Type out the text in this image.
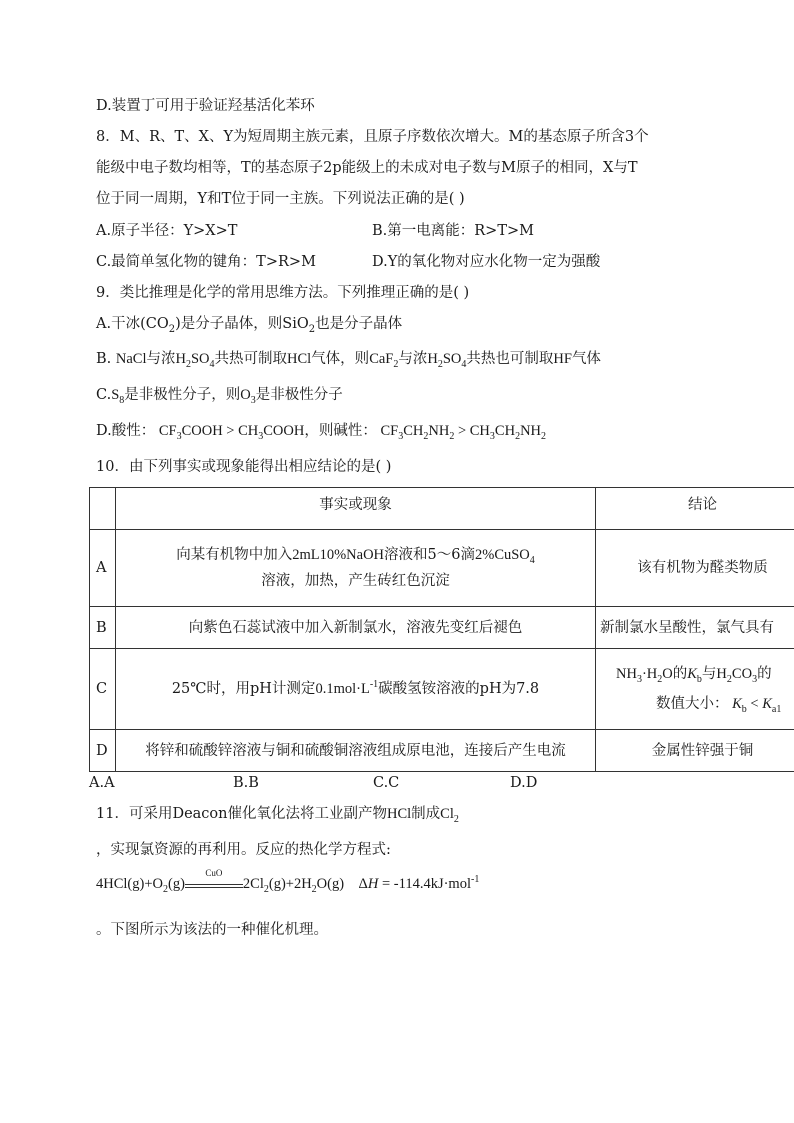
D.装置丁可用于验证羟基活化苯环
8．M、R、T、X、Y为短周期主族元素，且原子序数依次增大。M的基态原子所含3个
能级中电子数均相等，T的基态原子2p能级上的未成对电子数与M原子的相同，X与T
位于同一周期，Y和T位于同一主族。下列说法正确的是( )
A.原子半径：Y>X>T	B.第一电离能：R>T>M
C.最简单氢化物的键角：T>R>M	D.Y的氧化物对应水化物一定为强酸
9．类比推理是化学的常用思维方法。下列推理正确的是( )
A.干冰$(CO_2)$是分子晶体，则SiO$_2$也是分子晶体
B. NaCl与浓$H_2SO_4$共热可制取HCl气体，则CaF$_2$与浓$H_2SO_4$共热也可制取HF气体
$C.S_8$是非极性分子，则$O_3$是非极性分子
D.酸性： $CF_3COOH$ > $CH_3COOH$，则碱性： $CF_3CH_2NH_2 > CH_3CH_2NH_2$
10．由下列事实或现象能得出相应结论的是( )
	事实或现象	结论
A	向某有机物中加入2mL10%NaOH溶液和5～6滴2%CuSO$_4$
溶液，加热，产生砖红色沉淀	该有机物为醛类物质
B	向紫色石蕊试液中加入新制氯水，溶液先变红后褪色	新制氯水呈酸性，氯气具有
C	25℃时，用pH计测定$0.1mol\cdot L^{-1}$碳酸氢铵溶液的pH为7.8	$NH_3\cdot H_2O$的$K_b$与$H_2CO_3$的
数值大小： $K_b < K_{a1}$
D	将锌和硫酸锌溶液与铜和硫酸铜溶液组成原电池，连接后产生电流	金属性锌强于铜
A.A	B.B	C.C	D.D
11．可采用Deacon催化氧化法将工业副产物HCl制成$Cl_2$
，实现氯资源的再利用。反应的热化学方程式:
$4HCl(g)+O_2(g)$
CuO
$2Cl_2(g)+2H_2O(g)$    ΔH = -114.4kJ·mol$^{-1}$
。下图所示为该法的一种催化机理。
